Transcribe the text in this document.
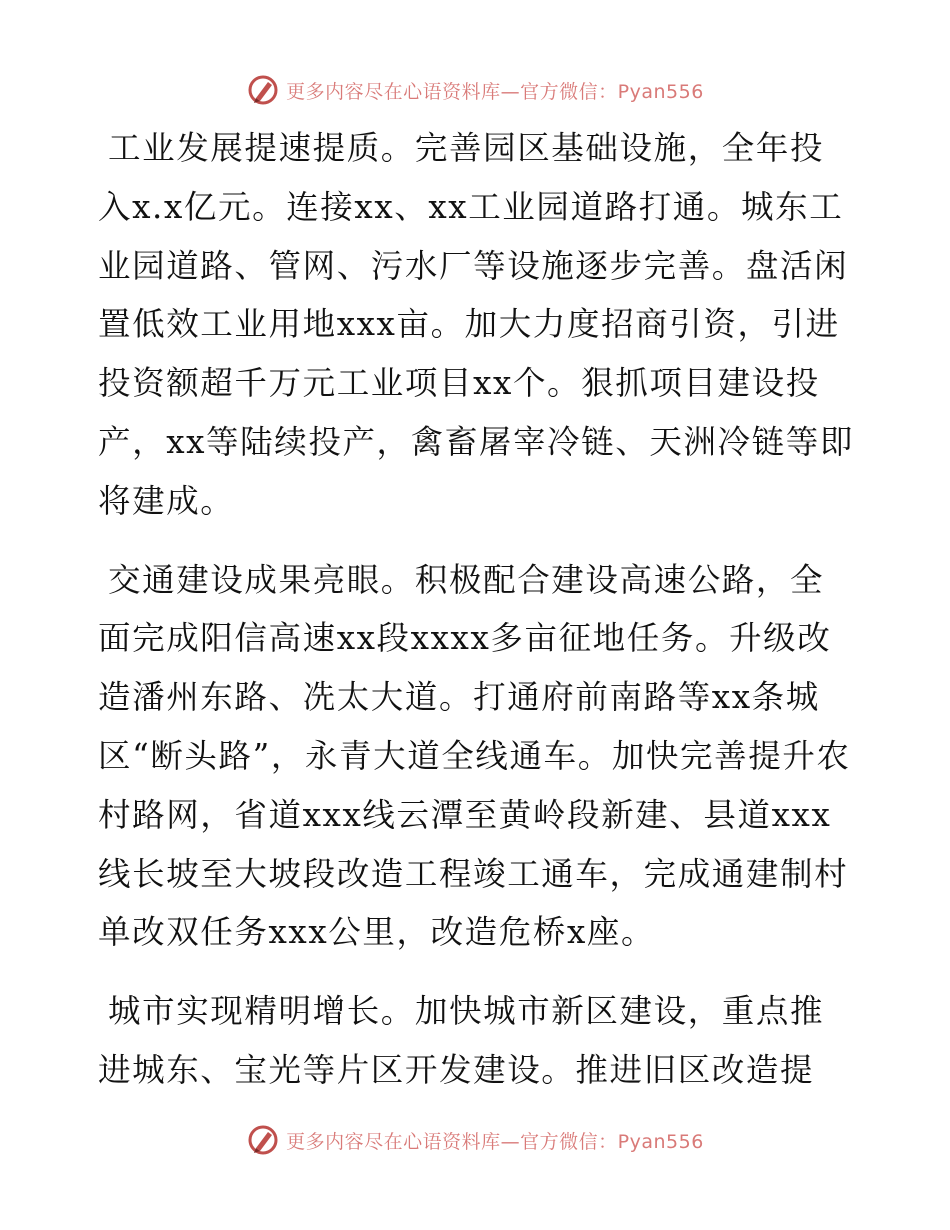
更多内容尽在心语资料库—官方微信：Pyan556

工业发展提速提质。完善园区基础设施，全年投入x.x亿元。连接xx、xx工业园道路打通。城东工业园道路、管网、污水厂等设施逐步完善。盘活闲置低效工业用地xxx亩。加大力度招商引资，引进投资额超千万元工业项目xx个。狠抓项目建设投产，xx等陆续投产，禽畜屠宰冷链、天洲冷链等即将建成。

交通建设成果亮眼。积极配合建设高速公路，全面完成阳信高速xx段xxxx多亩征地任务。升级改造潘州东路、冼太大道。打通府前南路等xx条城区“断头路”，永青大道全线通车。加快完善提升农村路网，省道xxx线云潭至黄岭段新建、县道xxx线长坡至大坡段改造工程竣工通车，完成通建制村单改双任务xxx公里，改造危桥x座。

城市实现精明增长。加快城市新区建设，重点推进城东、宝光等片区开发建设。推进旧区改造提

更多内容尽在心语资料库—官方微信：Pyan556
